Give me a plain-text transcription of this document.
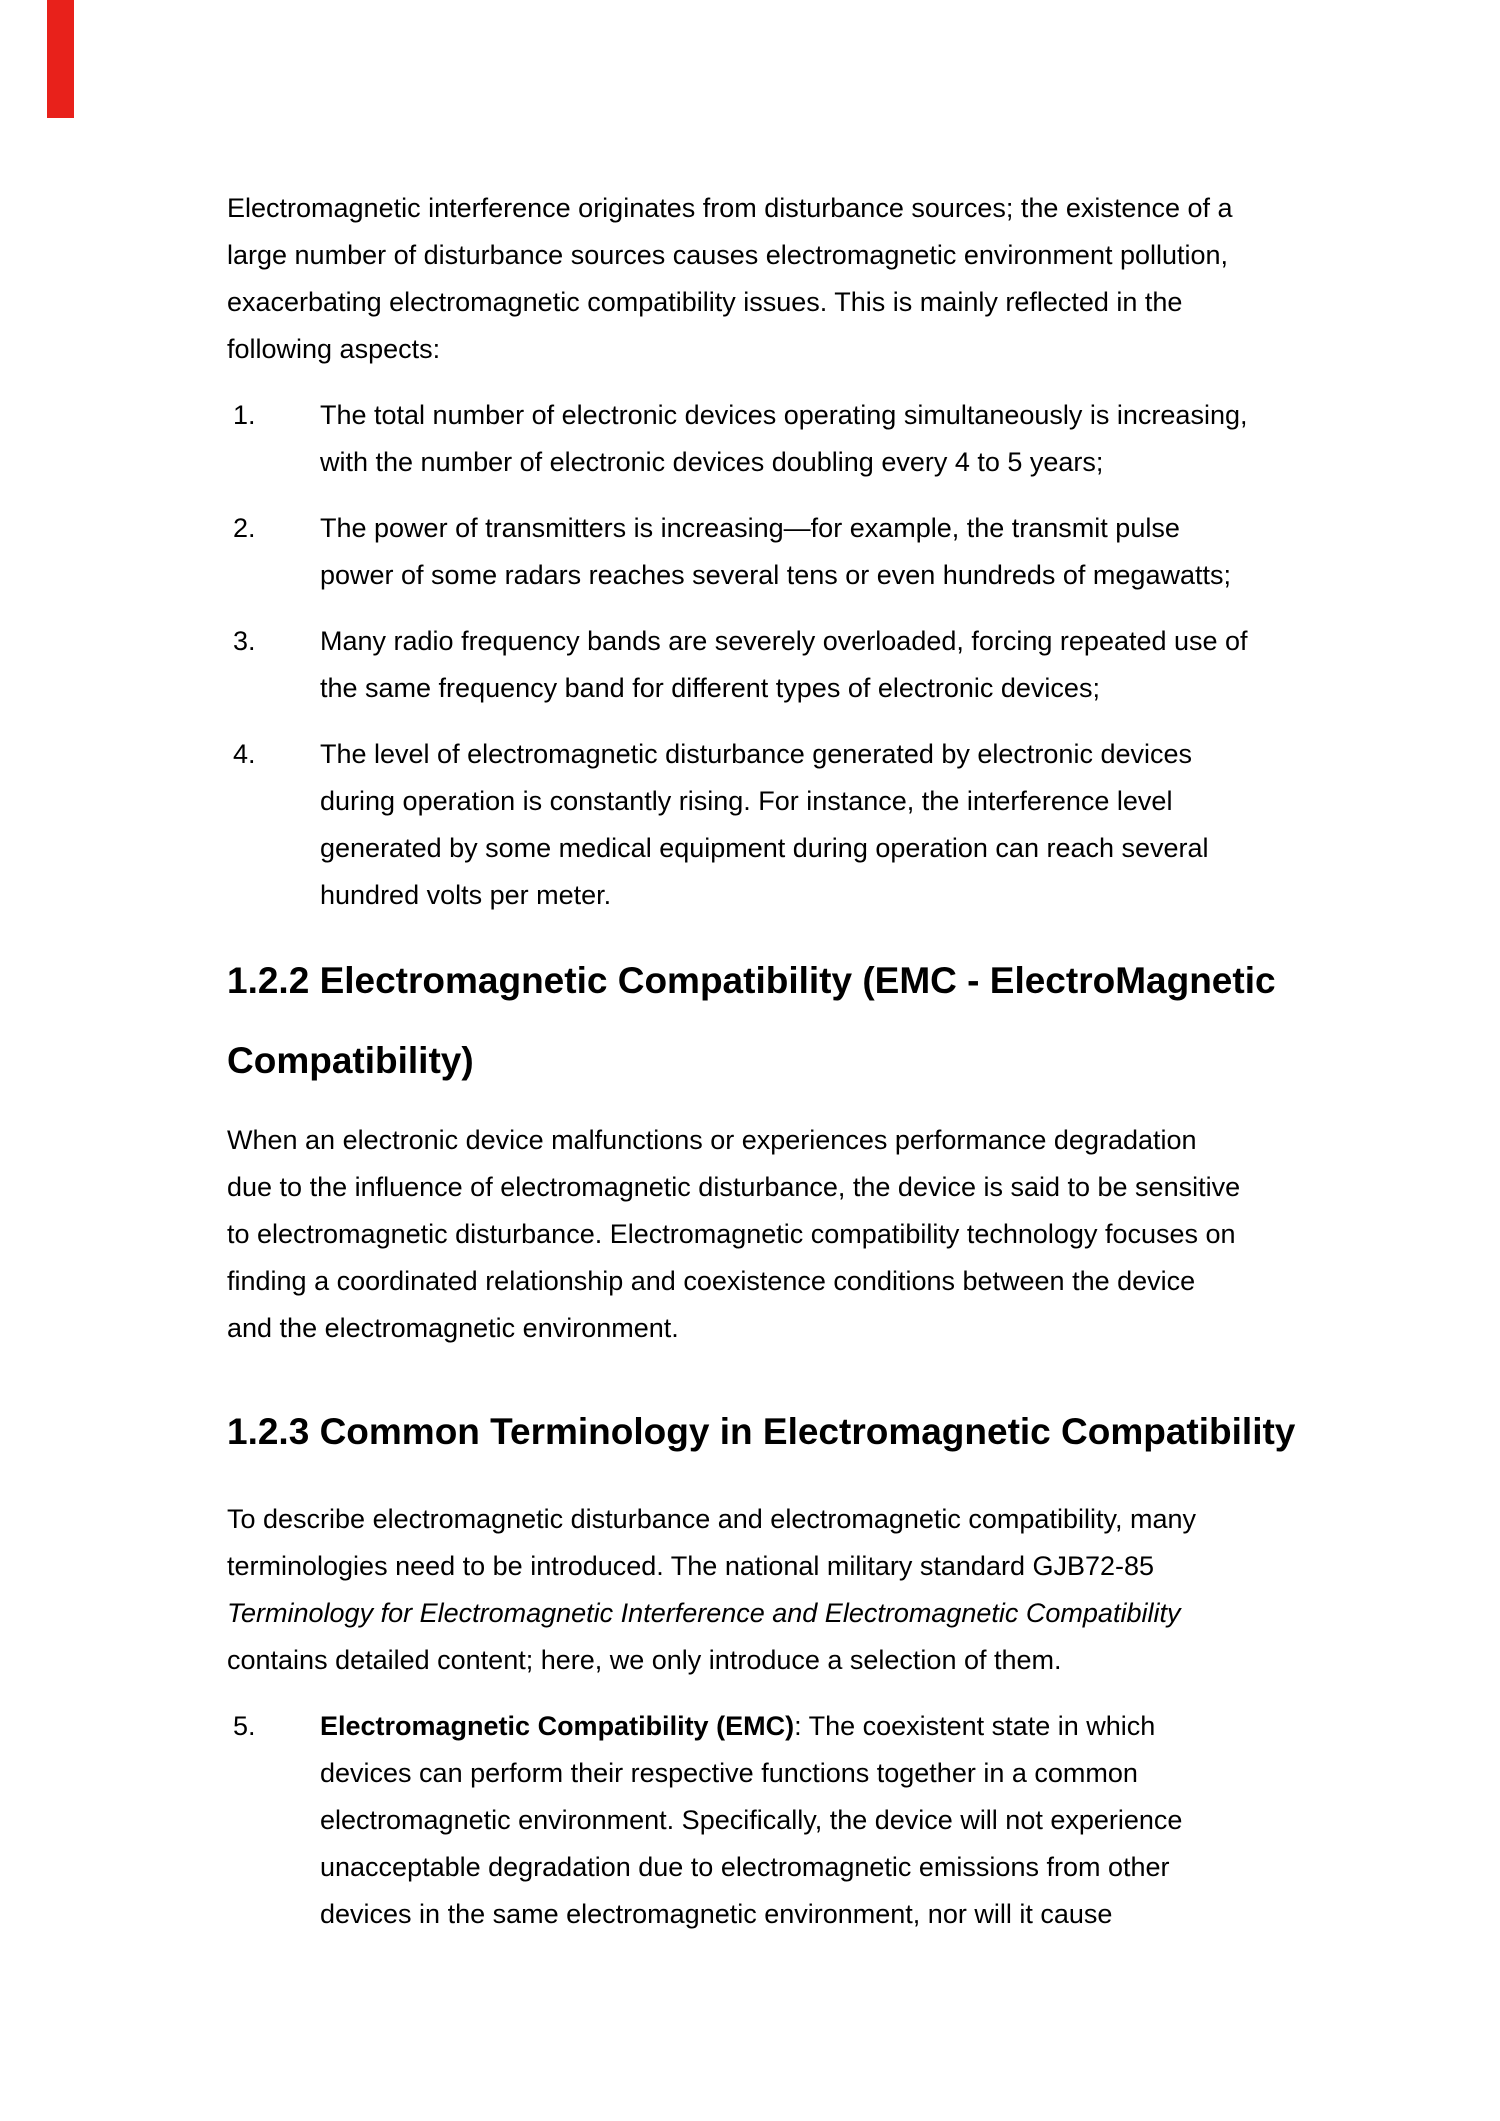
Electromagnetic interference originates from disturbance sources; the existence of a
large number of disturbance sources causes electromagnetic environment pollution,
exacerbating electromagnetic compatibility issues. This is mainly reflected in the
following aspects:

1. The total number of electronic devices operating simultaneously is increasing,
with the number of electronic devices doubling every 4 to 5 years;
2. The power of transmitters is increasing—for example, the transmit pulse
power of some radars reaches several tens or even hundreds of megawatts;
3. Many radio frequency bands are severely overloaded, forcing repeated use of
the same frequency band for different types of electronic devices;
4. The level of electromagnetic disturbance generated by electronic devices
during operation is constantly rising. For instance, the interference level
generated by some medical equipment during operation can reach several
hundred volts per meter.
1.2.2 Electromagnetic Compatibility (EMC - ElectroMagnetic
Compatibility)

When an electronic device malfunctions or experiences performance degradation
due to the influence of electromagnetic disturbance, the device is said to be sensitive
to electromagnetic disturbance. Electromagnetic compatibility technology focuses on
finding a coordinated relationship and coexistence conditions between the device
and the electromagnetic environment.

1.2.3 Common Terminology in Electromagnetic Compatibility

To describe electromagnetic disturbance and electromagnetic compatibility, many
terminologies need to be introduced. The national military standard GJB72-85
Terminology for Electromagnetic Interference and Electromagnetic Compatibility
contains detailed content; here, we only introduce a selection of them.

5. Electromagnetic Compatibility (EMC): The coexistent state in which
devices can perform their respective functions together in a common
electromagnetic environment. Specifically, the device will not experience
unacceptable degradation due to electromagnetic emissions from other
devices in the same electromagnetic environment, nor will it cause
